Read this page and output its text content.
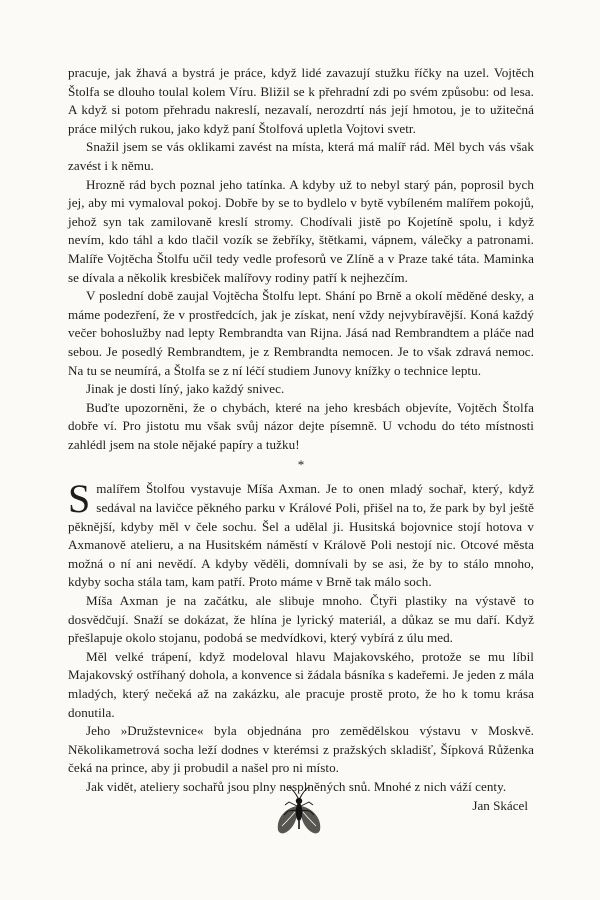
pracuje, jak žhavá a bystrá je práce, když lidé zavazují stužku říčky na uzel. Vojtěch Štolfa se dlouho toulal kolem Víru. Bližil se k přehradní zdi po svém způsobu: od lesa. A když si potom přehradu nakreslí, nezavalí, nerozdrtí nás její hmotou, je to užitečná práce milých rukou, jako když paní Štolfová upletla Vojtovi svetr.

Snažil jsem se vás oklikami zavést na místa, která má malíř rád. Měl bych vás však zavést i k němu.

Hrozně rád bych poznal jeho tatínka. A kdyby už to nebyl starý pán, poprosil bych jej, aby mi vymaloval pokoj. Dobře by se to bydlelo v bytě vybíleném malířem pokojů, jehož syn tak zamilovaně kreslí stromy. Chodívali jistě po Kojetíně spolu, i když nevím, kdo táhl a kdo tlačil vozík se žebříky, štětkami, vápnem, válečky a patronami. Malíře Vojtěcha Štolfu učil tedy vedle profesorů ve Zlíně a v Praze také táta. Maminka se dívala a několik kresbiček malířovy rodiny patří k nejhezčím.

V poslední době zaujal Vojtěcha Štolfu lept. Shání po Brně a okolí měděné desky, a máme podezření, že v prostředcích, jak je získat, není vždy nejvybíravější. Koná každý večer bohoslužby nad lepty Rembrandta van Rijna. Jásá nad Rembrandtem a pláče nad sebou. Je posedlý Rembrandtem, je z Rembrandta nemocen. Je to však zdravá nemoc. Na tu se neumírá, a Štolfa se z ní léčí studiem Junovy knížky o technice leptu.

Jinak je dosti líný, jako každý snivec.

Buďte upozorněni, že o chybách, které na jeho kresbách objevíte, Vojtěch Štolfa dobře ví. Pro jistotu mu však svůj názor dejte písemně. U vchodu do této místnosti zahlédl jsem na stole nějaké papíry a tužku!

*

Smalířem Štolfou vystavuje Míša Axman. Je to onen mladý sochař, který, když sedával na lavičce pěkného parku v Králové Poli, přišel na to, že park by byl ještě pěknější, kdyby měl v čele sochu. Šel a udělal ji. Husitská bojovnice stojí hotova v Axmanově atelieru, a na Husitském náměstí v Králově Poli nestojí nic. Otcové města možná o ní ani nevědí. A kdyby věděli, domnívali by se asi, že by to stálo mnoho, kdyby socha stála tam, kam patří. Proto máme v Brně tak málo soch.

Míša Axman je na začátku, ale slibuje mnoho. Čtyři plastiky na výstavě to dosvědčují. Snaží se dokázat, že hlína je lyrický materiál, a důkaz se mu daří. Když přešlapuje okolo stojanu, podobá se medvídkovi, který vybírá z úlu med.

Měl velké trápení, když modeloval hlavu Majakovského, protože se mu líbil Majakovský ostříhaný dohola, a konvence si žádala básníka s kadeřemi. Je jeden z mála mladých, který nečeká až na zakázku, ale pracuje prostě proto, že ho k tomu krása donutila.

Jeho »Družstevnice« byla objednána pro zemědělskou výstavu v Moskvě. Několikametrová socha leží dodnes v kterémsi z pražských skladišť, Šípková Růženka čeká na prince, aby ji probudil a našel pro ni místo.

Jak vidět, ateliery sochařů jsou plny nesplněných snů. Mnohé z nich váží centy.

Jan Skácel
